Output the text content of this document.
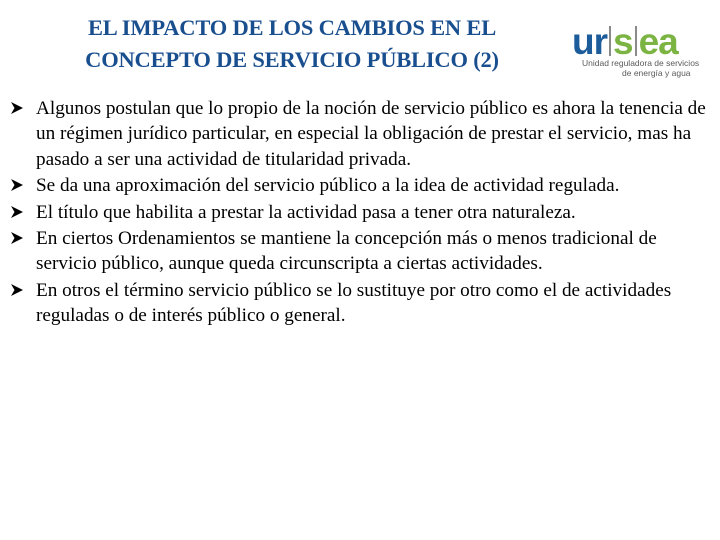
EL IMPACTO DE LOS CAMBIOS EN EL
CONCEPTO DE SERVICIO PÚBLICO (2)	ur s ea
Unidad reguladora de servicios
de energía y agua
Algunos postulan que lo propio de la noción de servicio público es ahora la tenencia de un régimen jurídico particular, en especial la obligación de prestar el servicio, mas ha pasado a ser una actividad de titularidad privada.
Se da una aproximación del servicio público a la idea de actividad regulada.
El título que habilita a prestar la actividad pasa a tener otra naturaleza.
En ciertos Ordenamientos se mantiene la concepción más o menos tradicional de servicio público, aunque queda circunscripta a ciertas actividades.
En otros el término servicio público se lo sustituye por otro como el de actividades reguladas o de interés público o general.
